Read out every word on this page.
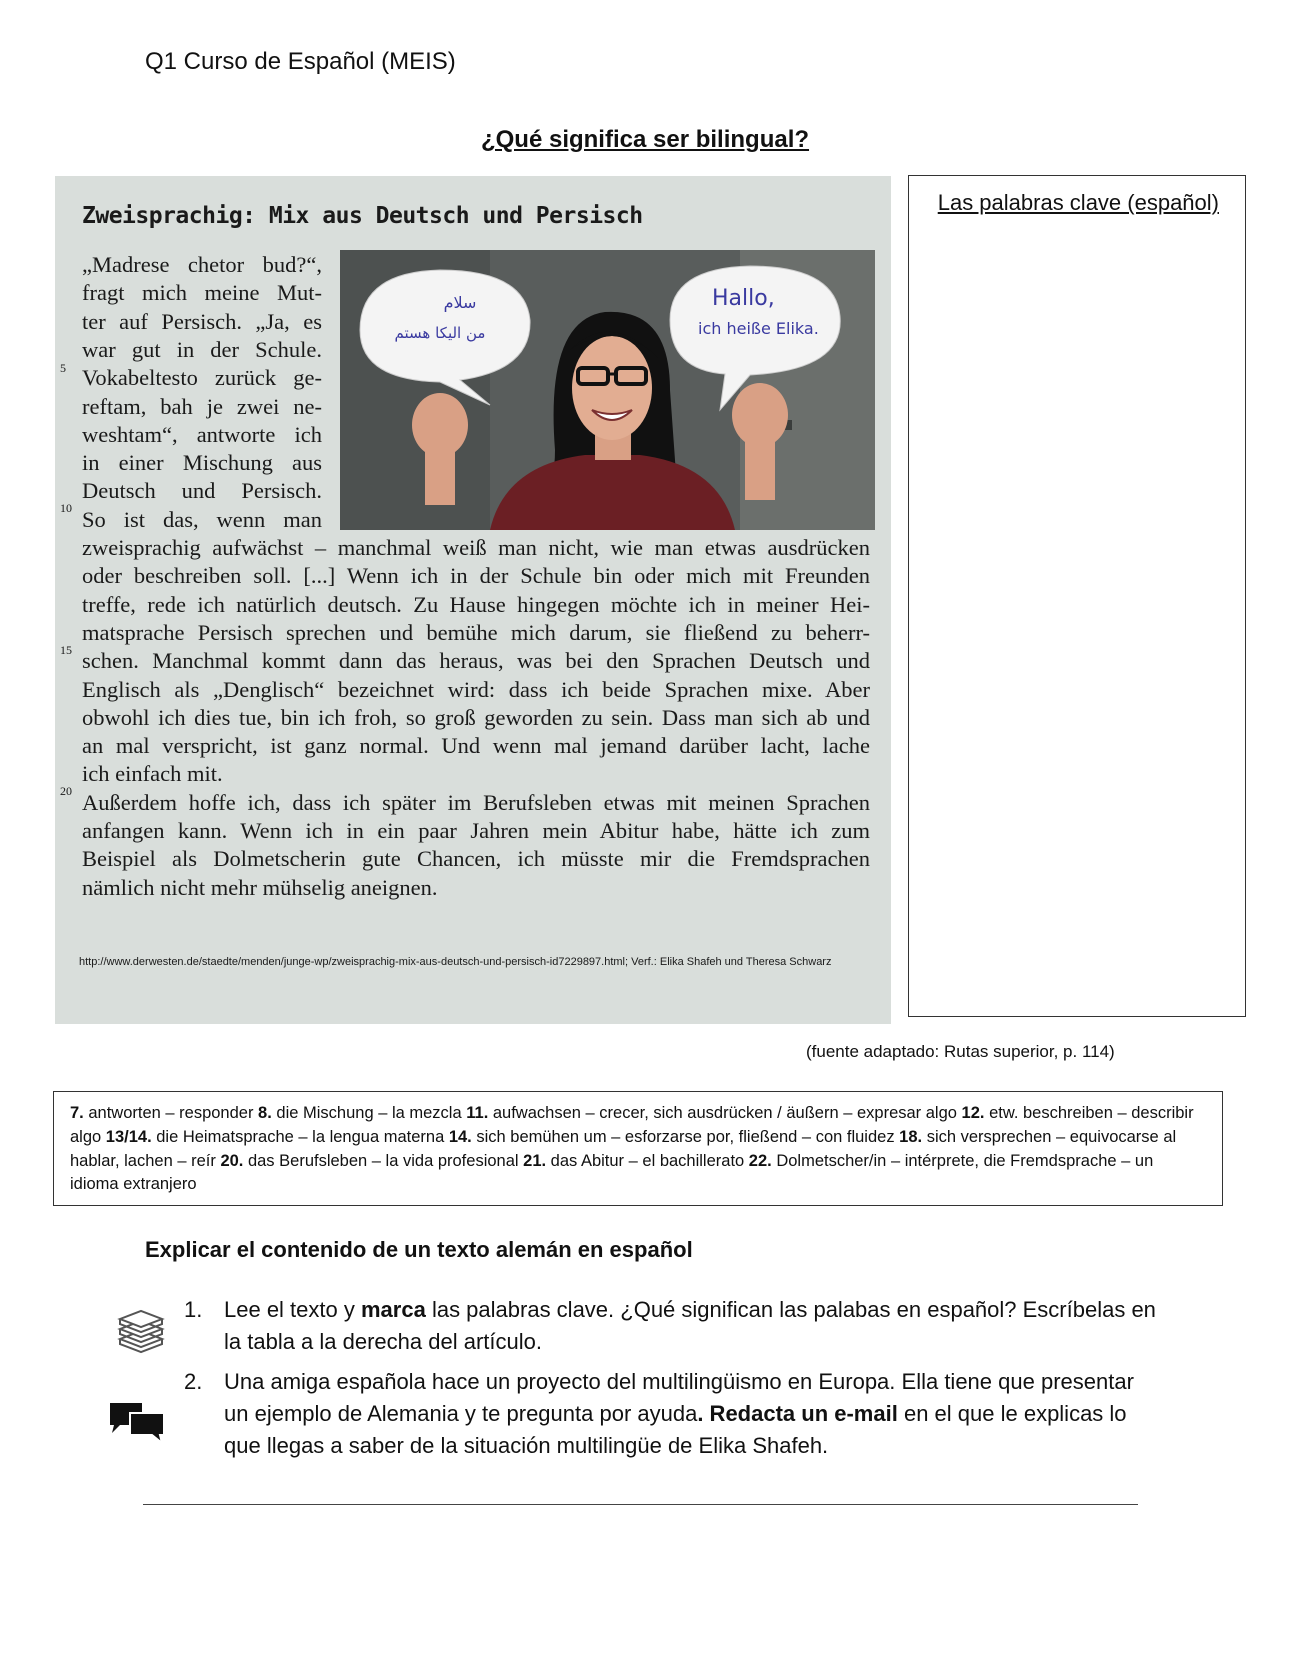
Q1 Curso de Español (MEIS)
¿Qué significa ser bilingual?
Zweisprachig: Mix aus Deutsch und Persisch
سلام
من اليكا هستم
Hallo,
ich heiße Elika.
„Madrese chetor bud?“,
fragt mich meine Mut-
ter auf Persisch. „Ja, es
war gut in der Schule.
Vokabeltesto zurück ge-
reftam, bah je zwei ne-
weshtam“, antworte ich
in einer Mischung aus
Deutsch und Persisch.
So ist das, wenn man
zweisprachig aufwächst – manchmal weiß man nicht, wie man etwas ausdrücken
oder beschreiben soll. [...] Wenn ich in der Schule bin oder mich mit Freunden
treffe, rede ich natürlich deutsch. Zu Hause hingegen möchte ich in meiner Hei-
matsprache Persisch sprechen und bemühe mich darum, sie fließend zu beherr-
schen. Manchmal kommt dann das heraus, was bei den Sprachen Deutsch und
Englisch als „Denglisch“ bezeichnet wird: dass ich beide Sprachen mixe. Aber
obwohl ich dies tue, bin ich froh, so groß geworden zu sein. Dass man sich ab und
an mal verspricht, ist ganz normal. Und wenn mal jemand darüber lacht, lache
ich einfach mit.
Außerdem hoffe ich, dass ich später im Berufsleben etwas mit meinen Sprachen
anfangen kann. Wenn ich in ein paar Jahren mein Abitur habe, hätte ich zum
Beispiel als Dolmetscherin gute Chancen, ich müsste mir die Fremdsprachen
nämlich nicht mehr mühselig aneignen.
5
10
15
20
http://www.derwesten.de/staedte/menden/junge-wp/zweisprachig-mix-aus-deutsch-und-persisch-id7229897.html; Verf.: Elika Shafeh und Theresa Schwarz
Las palabras clave (español)
(fuente adaptado: Rutas superior, p. 114)
7. antworten – responder 8. die Mischung – la mezcla 11. aufwachsen – crecer, sich ausdrücken / äußern – expresar algo 12. etw. beschreiben – describir algo 13/14. die Heimatsprache – la lengua materna 14. sich bemühen um – esforzarse por, fließend – con fluidez 18. sich versprechen – equivocarse al hablar, lachen – reír 20. das Berufsleben – la vida profesional 21. das Abitur – el bachillerato 22. Dolmetscher/in – intérprete, die Fremdsprache – un idioma extranjero
Explicar el contenido de un texto alemán en español
1. Lee el texto y marca las palabras clave. ¿Qué significan las palabas en español? Escríbelas en la tabla a la derecha del artículo.
2. Una amiga española hace un proyecto del multilingüismo en Europa. Ella tiene que presentar un ejemplo de Alemania y te pregunta por ayuda. Redacta un e-mail en el que le explicas lo que llegas a saber de la situación multilingüe de Elika Shafeh.
